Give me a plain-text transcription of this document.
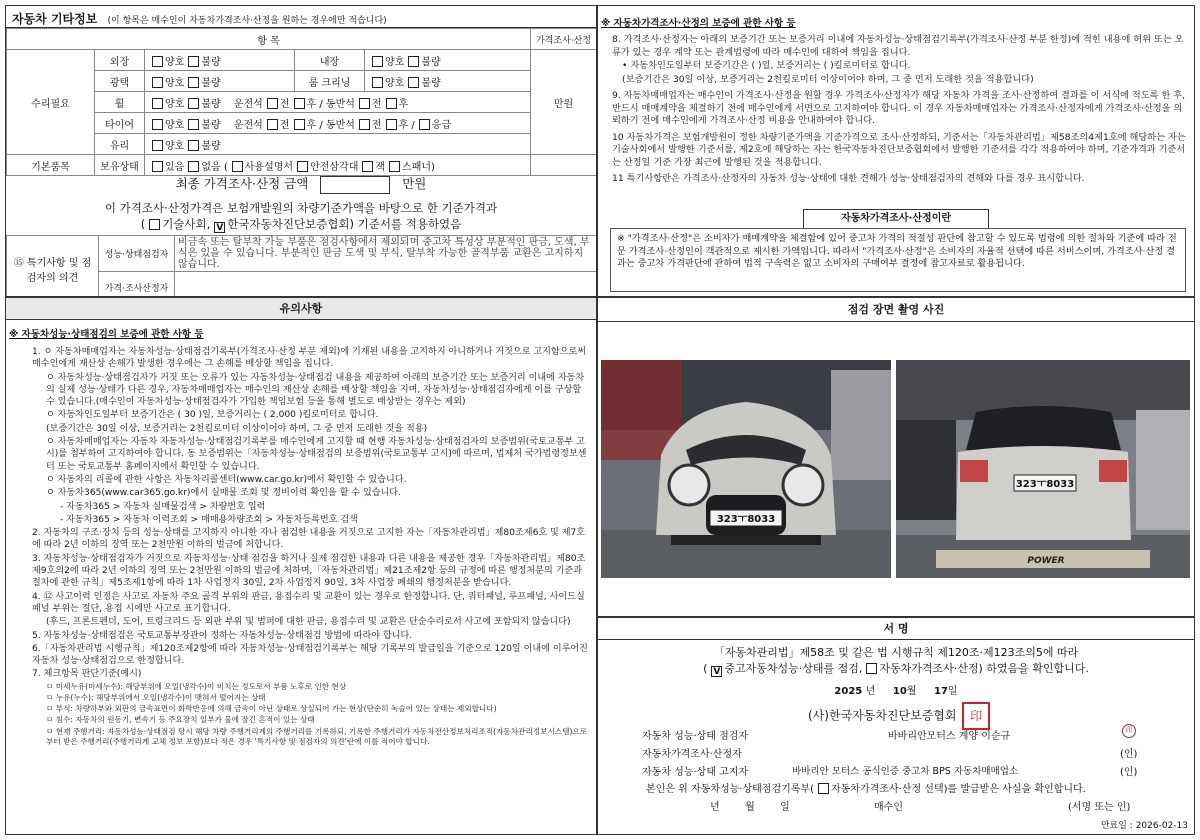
자동차 기타정보 (이 항목은 매수인이 자동차가격조사·산정을 원하는 경우에만 적습니다)
항 목					가격조사·산정
수리필요	외장	양호 불량	내장	양호 불량	만원
	광택	양호 불량	룸 크리닝	양호 불량	
	휠	양호 불량 운전석 전 후 / 동반석 전 후			
	타이어	양호 불량 운전석 전 후 / 동반석 전 후 / 응급			
	유리	양호 불량			
기본품목	보유상태	있음 없음 ( 사용설명서 안전삼각대 잭 스패너)			
최종 가격조사·산정 금액	만원
이 가격조사·산정가격은 보험개발원의 차량기준가액을 바탕으로 한 기준가격과
( 기술사회, V 한국자동차진단보증협회) 기준서를 적용하였음
⑮ 특기사항 및 점검자의 의견	성능·상태점검자	비금속 또는 탈부착 가능 부품은 점검사항에서 제외되며 중고차 특성상 부분적인 판금, 도색, 부식은 있을 수 있습니다. 부분적인 판금 도색 및 부식, 탈부착 가능한 골격부품 교환은 고지하지 않습니다.
	가격·조사산정자	
※ 자동차가격조사·산정의 보증에 관한 사항 등

8. 가격조사·산정자는 아래의 보증기간 또는 보증거리 이내에 자동차성능·상태점검기록부(가격조사·산정 부분 한정)에 적힌 내용에 허위 또는 오류가 있는 경우 계약 또는 관계법령에 따라 매수인에 대하여 책임을 집니다.

• 자동차인도일부터 보증기간은 ( )일, 보증거리는 ( )킬로미터로 합니다.

(보증기간은 30일 이상, 보증거리는 2천킬로미터 이상이어야 하며, 그 중 먼저 도래한 것을 적용합니다)

9. 자동차매매업자는 매수인이 가격조사·산정을 원할 경우 가격조사·산정자가 해당 자동차 가격을 조사·산정하여 결과를 이 서식에 적도록 한 후, 반드시 매매계약을 체결하기 전에 매수인에게 서면으로 고지하여야 합니다. 이 경우 자동차매매업자는 가격조사·산정자에게 가격조사·산정을 의뢰하기 전에 매수인에게 가격조사·산정 비용을 안내하여야 합니다.

10 자동차가격은 보험개발원이 정한 차량기준가액을 기준가격으로 조사·산정하되, 기준서는「자동차관리법」제58조의4제1호에 해당하는 자는 기술사회에서 발행한 기준서를, 제2호에 해당하는 자는 한국자동차진단보증협회에서 발행한 기준서를 각각 적용하여야 하며, 기준가격과 기준서는 산정일 기준 가장 최근에 발행된 것을 적용합니다.

11 특기사항란은 가격조사·산정자의 자동차 성능·상태에 대한 견해가 성능·상태점검자의 견해와 다를 경우 표시합니다.

자동차가격조사·산정이란
※ "가격조사·산정"은 소비자가 매매계약을 체결함에 있어 중고차 가격의 적절성 판단에 참고할 수 있도록 법령에 의한 절차와 기준에 따라 전문 가격조사·산정인이 객관적으로 제시한 가액입니다. 따라서 "가격조사·산정"은 소비자의 자율적 선택에 따른 서비스이며, 가격조사·산정 결과는 중고차 가격판단에 관하여 법적 구속력은 없고 소비자의 구매여부 결정에 참고자료로 활용됩니다.
유의사항
※ 자동차성능·상태점검의 보증에 관한 사항 등

1. ㅇ 자동차매매업자는 자동차성능·상태점검기록부(가격조사·산정 부분 제외)에 기재된 내용을 고지하지 아니하거나 거짓으로 고지함으로써 매수인에게 재산상 손해가 발생한 경우에는 그 손해를 배상할 책임을 집니다.

ㅇ 자동차성능·상태점검자가 거짓 또는 오류가 있는 자동차성능·상태점검 내용을 제공하여 아래의 보증기간 또는 보증거리 이내에 자동차의 실제 성능·상태가 다른 경우, 자동차매매업자는 매수인의 재산상 손해를 배상할 책임을 지며, 자동차성능·상태점검자에게 이를 구상할 수 있습니다.(매수인이 자동차성능·상태점검자가 가입한 책임보험 등을 통해 별도로 배상받는 경우는 제외)

ㅇ 자동차인도일부터 보증기간은 ( 30 )일, 보증거리는 ( 2,000 )킬로미터로 합니다.

(보증기간은 30일 이상, 보증거리는 2천킬로미터 이상이어야 하며, 그 중 먼저 도래한 것을 적용)

ㅇ 자동차매매업자는 자동차 자동차성능·상태점검기록부를 매수인에게 고지할 때 현행 자동차성능·상태점검자의 보증범위(국토교통부 고시)를 첨부하여 고지하여야 합니다. 동 보증범위는「자동차성능·상태점검의 보증범위(국토교통부 고시)에 따르며, 법제처 국가법령정보센터 또는 국토교통부 홈페이지에서 확인할 수 있습니다.

ㅇ 자동차의 리콜에 관한 사항은 자동차리콜센터(www.car.go.kr)에서 확인할 수 있습니다.

ㅇ 자동차365(www.car365.go.kr)에서 실매물 조회 및 정비이력 확인을 할 수 있습니다.

- 자동차365 > 자동차 실매물검색 > 차량번호 입력

- 자동차365 > 자동차 이력조회 > 매매용차량조회 > 자동차등록번호 검색

2. 자동차의 구조·장치 등의 성능·상태를 고지하지 아니한 자나 점검한 내용을 거짓으로 고지한 자는「자동차관리법」제80조제6호 및 제7호에 따라 2년 이하의 징역 또는 2천만원 이하의 벌금에 처합니다.

3. 자동차성능·상태점검자가 거짓으로 자동차성능·상태 점검을 하거나 실제 점검한 내용과 다른 내용을 제공한 경우「자동차관리법」제80조제9호의2에 따라 2년 이하의 징역 또는 2천만원 이하의 벌금에 처하며,「자동차관리법」제21조제2항 등의 규정에 따른 행정처분의 기준과 절차에 관한 규칙」제5조제1항에 따라 1차 사업정지 30일, 2차 사업정지 90일, 3차 사업장 폐쇄의 행정처분을 받습니다.

4. ⑫ 사고이력 인정은 사고로 자동차 주요 골격 부위의 판금, 용접수리 및 교환이 있는 경우로 한정합니다. 단, 쿼터패널, 루프패널, 사이드실패널 부위는 절단, 용접 시에만 사고로 표기합니다.

(후드, 프론트펜더, 도어, 트렁크리드 등 외판 부위 및 범퍼에 대한 판금, 용접수리 및 교환은 단순수리로서 사고에 포함되지 않습니다)

5. 자동차성능·상태점검은 국토교통부장관이 정하는 자동차성능·상태점검 방법에 따라야 합니다.

6.「자동차관리법 시행규칙」제120조제2항에 따라 자동차성능·상태점검기록부는 해당 기록부의 발급일을 기준으로 120일 이내에 이루어진 자동차 성능·상태점검으로 한정합니다.

7. 체크항목 판단기준(예시)

ㅁ 미세누유(미세누수): 해당부위에 오일(냉각수)이 비치는 정도로서 부품 노후로 인한 현상

ㅁ 누유(누수): 해당부위에서 오일(냉각수)이 맺혀서 떨어지는 상태

ㅁ 부식: 차량하부와 외판의 금속표면이 화학반응에 의해 금속이 아닌 상태로 상실되어 가는 현상(단순히 녹슬어 있는 상태는 제외합니다)

ㅁ 침수: 자동차의 원동기, 변속기 등 주요장치 일부가 물에 잠긴 흔적이 있는 상태

ㅁ 현재 주행거리: 자동차성능·상태점검 당시 해당 차량 주행거리계의 주행거리를 기록하되, 기록한 주행거리가 자동차전산정보처리조직(자동차관리정보시스템)으로부터 받은 주행거리(주행거리계 교체 정보 포함)보다 적은 경우 '특기사항 및 점검자의 의견'란에 이를 적어야 합니다.

점검 장면 촬영 사진
323ㅜ8033
323ㅜ8033
POWER
서 명
「자동차관리법」제58조 및 같은 법 시행규칙 제120조·제123조의5에 따라
( V 중고자동차성능·상태를 점검, 자동차가격조사·산정) 하였음을 확인합니다.
2025 년 10월 17일
(사)한국자동차진단보증협회 印
자동차 성능·상태 점검자	바바리안모터스 계양 이순규
印
자동차가격조사·산정자	(인)
자동차 성능·상태 고지자	바바리안 모터스 공식인증 중고차 BPS 자동차매매업소	(인)
본인은 위 자동차성능·상태점검기록부( 자동차가격조사·산정 선택)를 발급받은 사실을 확인합니다.
년        월        일	매수인	(서명 또는 인)
만료일 : 2026-02-13
